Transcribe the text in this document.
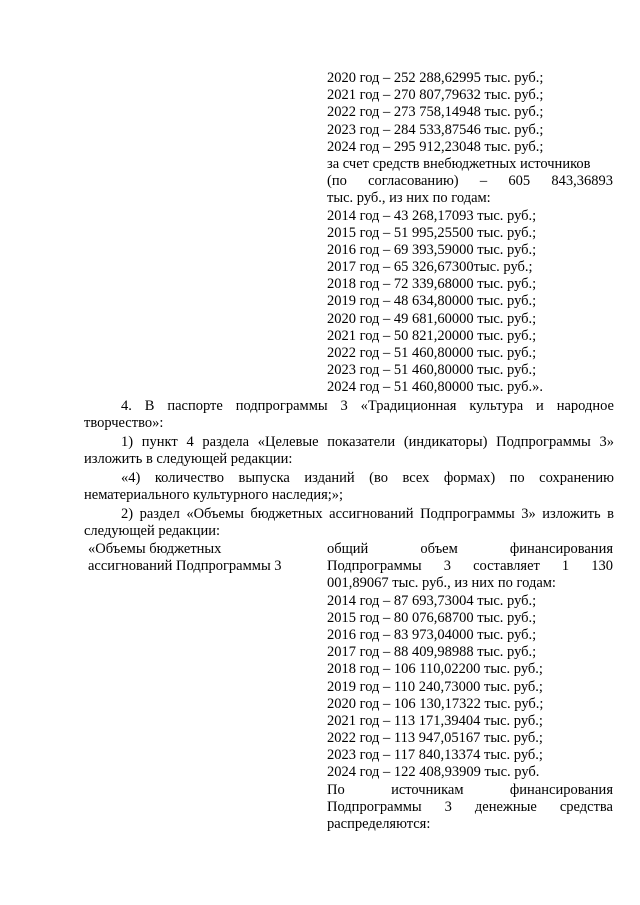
2020 год – 252 288,62995 тыс. руб.;
2021 год – 270 807,79632 тыс. руб.;
2022 год – 273 758,14948 тыс. руб.;
2023 год – 284 533,87546 тыс. руб.;
2024 год – 295 912,23048 тыс. руб.;
за счет средств внебюджетных источников
(по согласованию) – 605 843,36893
тыс. руб., из них по годам:
2014 год – 43 268,17093 тыс. руб.;
2015 год – 51 995,25500 тыс. руб.;
2016 год – 69 393,59000 тыс. руб.;
2017 год – 65 326,67300тыс. руб.;
2018 год – 72 339,68000 тыс. руб.;
2019 год – 48 634,80000 тыс. руб.;
2020 год – 49 681,60000 тыс. руб.;
2021 год – 50 821,20000 тыс. руб.;
2022 год – 51 460,80000 тыс. руб.;
2023 год – 51 460,80000 тыс. руб.;
2024 год – 51 460,80000 тыс. руб.».
4. В паспорте подпрограммы 3 «Традиционная культура и народное творчество»:
1) пункт 4 раздела «Целевые показатели (индикаторы) Подпрограммы 3» изложить в следующей редакции:
«4) количество выпуска изданий (во всех формах) по сохранению нематериального культурного наследия;»;
2) раздел «Объемы бюджетных ассигнований Подпрограммы 3» изложить в следующей редакции:
«Объемы бюджетных
ассигнований Подпрограммы 3
общий объем финансирования
Подпрограммы 3 составляет 1 130
001,89067 тыс. руб., из них по годам:
2014 год – 87 693,73004 тыс. руб.;
2015 год – 80 076,68700 тыс. руб.;
2016 год – 83 973,04000 тыс. руб.;
2017 год – 88 409,98988 тыс. руб.;
2018 год – 106 110,02200 тыс. руб.;
2019 год – 110 240,73000 тыс. руб.;
2020 год – 106 130,17322 тыс. руб.;
2021 год – 113 171,39404 тыс. руб.;
2022 год – 113 947,05167 тыс. руб.;
2023 год – 117 840,13374 тыс. руб.;
2024 год – 122 408,93909 тыс. руб.
По источникам финансирования
Подпрограммы 3 денежные средства
распределяются:
